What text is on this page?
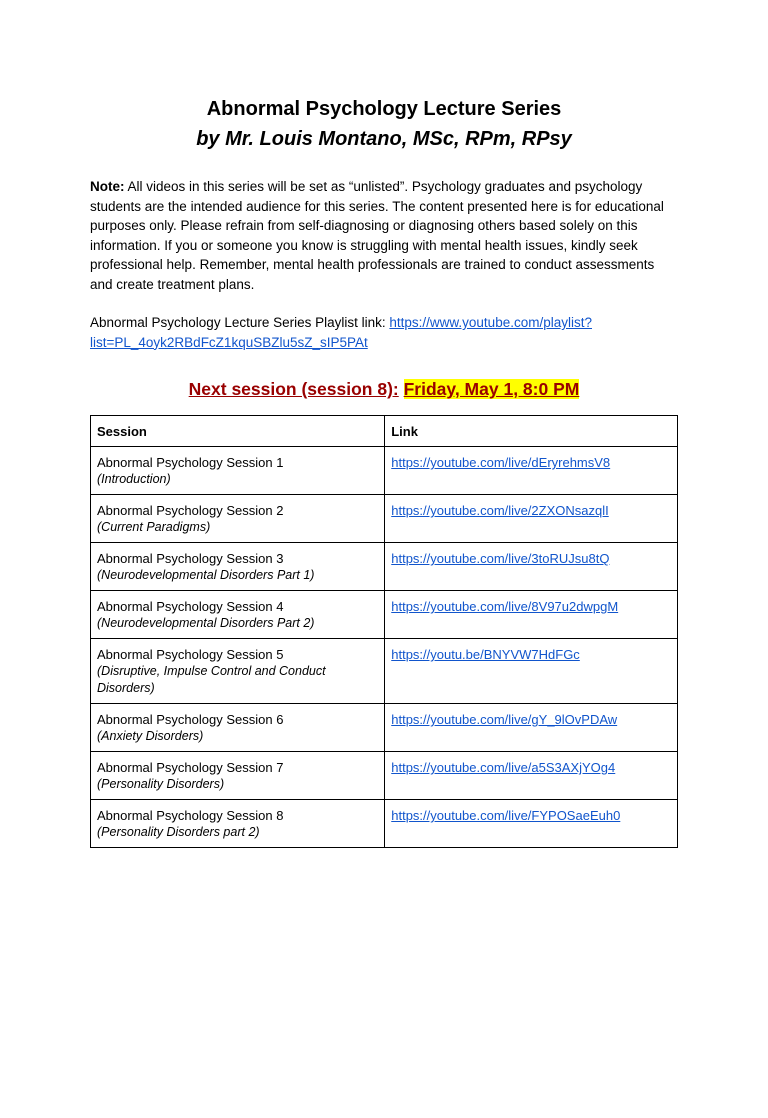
Abnormal Psychology Lecture Series
by Mr. Louis Montano, MSc, RPm, RPsy
Note: All videos in this series will be set as “unlisted”. Psychology graduates and psychology students are the intended audience for this series. The content presented here is for educational purposes only. Please refrain from self-diagnosing or diagnosing others based solely on this information. If you or someone you know is struggling with mental health issues, kindly seek professional help. Remember, mental health professionals are trained to conduct assessments and create treatment plans.
Abnormal Psychology Lecture Series Playlist link: https://www.youtube.com/playlist?
list=PL_4oyk2RBdFcZ1kquSBZlu5sZ_sIP5PAt
Next session (session 8): Friday, May 1, 8:0 PM
Session	Link

Abnormal Psychology Session 1
(Introduction)	https://youtube.com/live/dEryrehmsV8

Abnormal Psychology Session 2
(Current Paradigms)	https://youtube.com/live/2ZXONsazqlI

Abnormal Psychology Session 3
(Neurodevelopmental Disorders Part 1)	https://youtube.com/live/3toRUJsu8tQ

Abnormal Psychology Session 4
(Neurodevelopmental Disorders Part 2)	https://youtube.com/live/8V97u2dwpgM

Abnormal Psychology Session 5
(Disruptive, Impulse Control and Conduct Disorders)	https://youtu.be/BNYVW7HdFGc

Abnormal Psychology Session 6
(Anxiety Disorders)	https://youtube.com/live/gY_9lOvPDAw

Abnormal Psychology Session 7
(Personality Disorders)	https://youtube.com/live/a5S3AXjYOg4

Abnormal Psychology Session 8
(Personality Disorders part 2)	https://youtube.com/live/FYPOSaeEuh0
